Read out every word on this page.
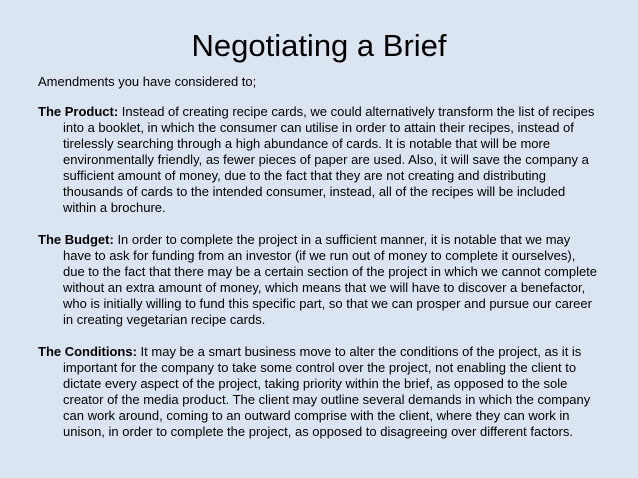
Negotiating a Brief

Amendments you have considered to;

The Product: Instead of creating recipe cards, we could alternatively transform the list of recipes into a booklet, in which the consumer can utilise in order to attain their recipes, instead of tirelessly searching through a high abundance of cards. It is notable that will be more environmentally friendly, as fewer pieces of paper are used. Also, it will save the company a sufficient amount of money, due to the fact that they are not creating and distributing thousands of cards to the intended consumer, instead, all of the recipes will be included within a brochure.

The Budget: In order to complete the project in a sufficient manner, it is notable that we may have to ask for funding from an investor (if we run out of money to complete it ourselves), due to the fact that there may be a certain section of the project in which we cannot complete without an extra amount of money, which means that we will have to discover a benefactor, who is initially willing to fund this specific part, so that we can prosper and pursue our career in creating vegetarian recipe cards.

The Conditions: It may be a smart business move to alter the conditions of the project, as it is important for the company to take some control over the project, not enabling the client to dictate every aspect of the project, taking priority within the brief, as opposed to the sole creator of the media product. The client may outline several demands in which the company can work around, coming to an outward comprise with the client, where they can work in unison, in order to complete the project, as opposed to disagreeing over different factors.
